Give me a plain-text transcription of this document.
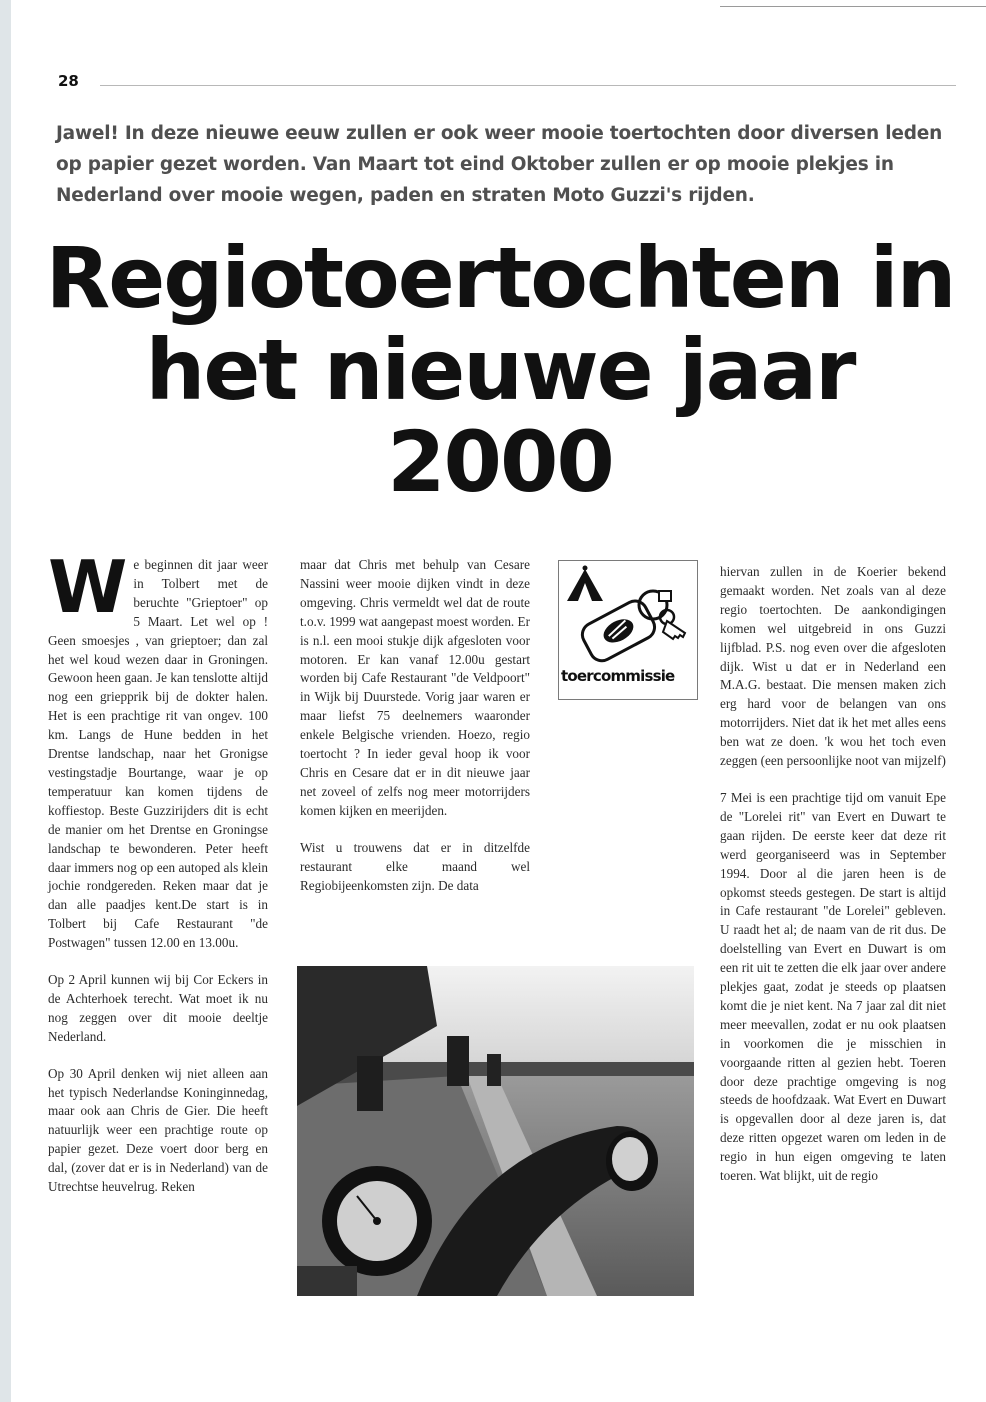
28
Jawel! In deze nieuwe eeuw zullen er ook weer mooie toertochten door diversen leden op papier gezet worden. Van Maart tot eind Oktober zullen er op mooie plekjes in Nederland over mooie wegen, paden en straten Moto Guzzi's rijden.
Regiotoertochten in
het nieuwe jaar
2000

We beginnen dit jaar weer in Tolbert met de beruchte "Grieptoer" op 5 Maart. Let wel op ! Geen smoesjes , van grieptoer; dan zal het wel koud wezen daar in Groningen. Gewoon heen gaan. Je kan tenslotte altijd nog een griepprik bij de dokter halen. Het is een prachtige rit van ongev. 100 km. Langs de Hune bedden in het Drentse landschap, naar het Gronigse vestingstadje Bourtange, waar je op temperatuur kan komen tijdens de koffiestop. Beste Guzzirijders dit is echt de manier om het Drentse en Groningse landschap te bewonderen. Peter heeft daar immers nog op een autoped als klein jochie rondgereden. Reken maar dat je dan alle paadjes kent.De start is in Tolbert bij Cafe Restaurant "de Postwagen" tussen 12.00 en 13.00u.

Op 2 April kunnen wij bij Cor Eckers in de Achterhoek terecht. Wat moet ik nu nog zeggen over dit mooie deeltje Nederland.

Op 30 April denken wij niet alleen aan het typisch Nederlandse Koninginnedag, maar ook aan Chris de Gier. Die heeft natuurlijk weer een prachtige route op papier gezet. Deze voert door berg en dal, (zover dat er is in Nederland) van de Utrechtse heuvelrug. Reken

maar dat Chris met behulp van Cesare Nassini weer mooie dijken vindt in deze omgeving. Chris vermeldt wel dat de route t.o.v. 1999 wat aangepast moest worden. Er is n.l. een mooi stukje dijk afgesloten voor motoren. Er kan vanaf 12.00u gestart worden bij Cafe Restaurant "de Veldpoort" in Wijk bij Duurstede. Vorig jaar waren er maar liefst 75 deelnemers waaronder enkele Belgische vrienden. Hoezo, regio toertocht ? In ieder geval hoop ik voor Chris en Cesare dat er in dit nieuwe jaar net zoveel of zelfs nog meer motorrijders komen kijken en meerijden.

Wist u trouwens dat er in ditzelfde restaurant elke maand wel Regiobijeenkomsten zijn. De data

toercommissie

hiervan zullen in de Koerier bekend gemaakt worden. Net zoals van al deze regio toertochten. De aankondigingen komen wel uitgebreid in ons Guzzi lijfblad. P.S. nog even over die afgesloten dijk. Wist u dat er in Nederland een M.A.G. bestaat. Die mensen maken zich erg hard voor de belangen van ons motorrijders. Niet dat ik het met alles eens ben wat ze doen. 'k wou het toch even zeggen (een persoonlijke noot van mijzelf)

7 Mei is een prachtige tijd om vanuit Epe de "Lorelei rit" van Evert en Duwart te gaan rijden. De eerste keer dat deze rit werd georganiseerd was in September 1994. Door al die jaren heen is de opkomst steeds gestegen. De start is altijd in Cafe restaurant "de Lorelei" gebleven. U raadt het al; de naam van de rit dus. De doelstelling van Evert en Duwart is om een rit uit te zetten die elk jaar over andere plekjes gaat, zodat je steeds op plaatsen komt die je niet kent. Na 7 jaar zal dit niet meer meevallen, zodat er nu ook plaatsen in voorkomen die je misschien in voorgaande ritten al gezien hebt. Toeren door deze prachtige omgeving is nog steeds de hoofdzaak. Wat Evert en Duwart is opgevallen door al deze jaren is, dat deze ritten opgezet waren om leden in de regio in hun eigen omgeving te laten toeren. Wat blijkt, uit de regio
